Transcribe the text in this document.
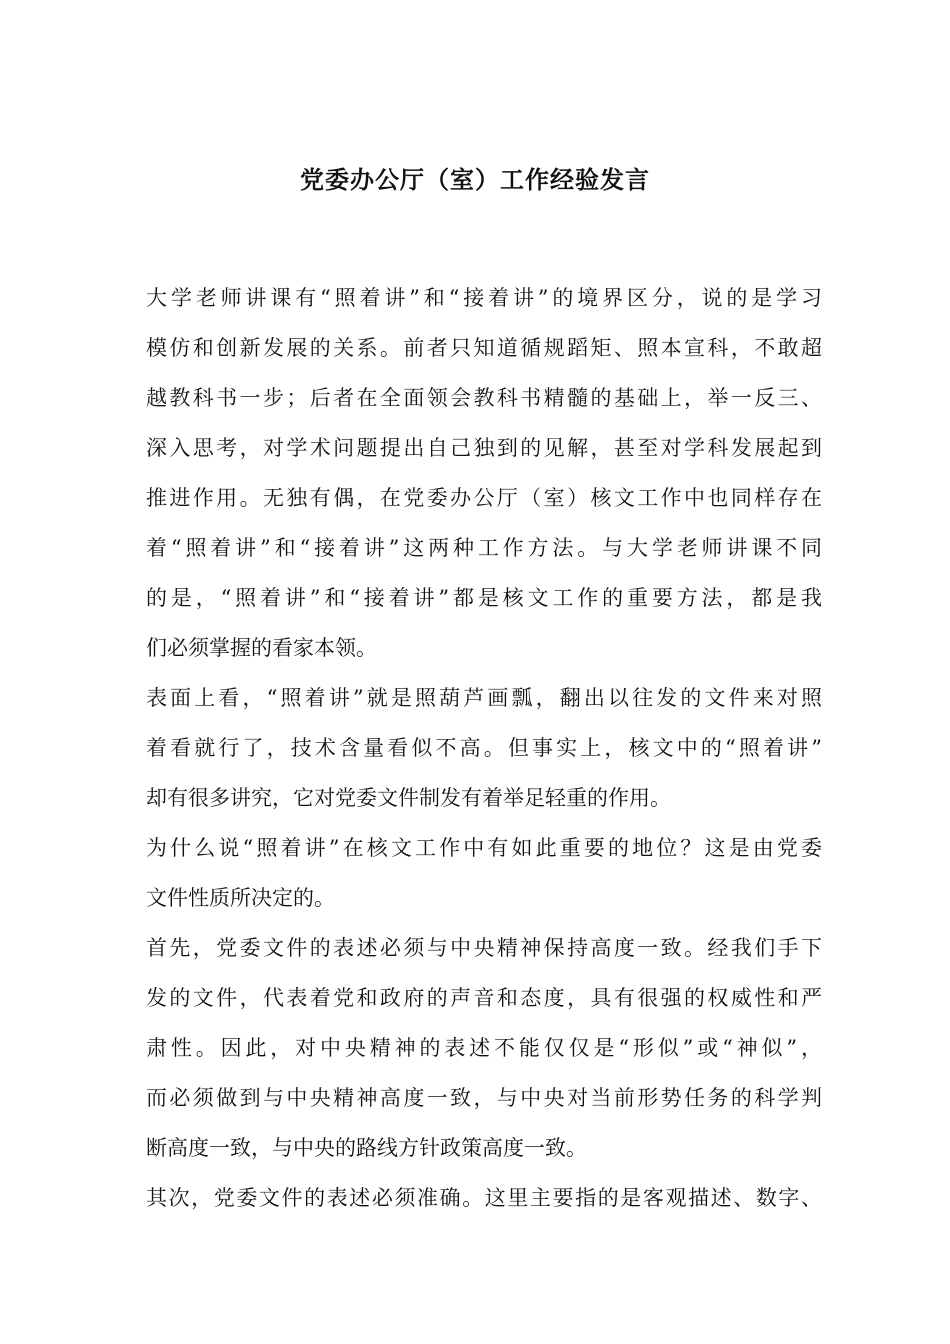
党委办公厅（室）工作经验发言
大学老师讲课有“照着讲”和“接着讲”的境界区分，说的是学习
模仿和创新发展的关系。前者只知道循规蹈矩、照本宣科，不敢超
越教科书一步；后者在全面领会教科书精髓的基础上，举一反三、
深入思考，对学术问题提出自己独到的见解，甚至对学科发展起到
推进作用。无独有偶，在党委办公厅（室）核文工作中也同样存在
着“照着讲”和“接着讲”这两种工作方法。与大学老师讲课不同
的是，“照着讲”和“接着讲”都是核文工作的重要方法，都是我
们必须掌握的看家本领。
表面上看，“照着讲”就是照葫芦画瓢，翻出以往发的文件来对照
着看就行了，技术含量看似不高。但事实上，核文中的“照着讲”
却有很多讲究，它对党委文件制发有着举足轻重的作用。
为什么说“照着讲”在核文工作中有如此重要的地位？这是由党委
文件性质所决定的。
首先，党委文件的表述必须与中央精神保持高度一致。经我们手下
发的文件，代表着党和政府的声音和态度，具有很强的权威性和严
肃性。因此，对中央精神的表述不能仅仅是“形似”或“神似”，
而必须做到与中央精神高度一致，与中央对当前形势任务的科学判
断高度一致，与中央的路线方针政策高度一致。
其次，党委文件的表述必须准确。这里主要指的是客观描述、数字、
